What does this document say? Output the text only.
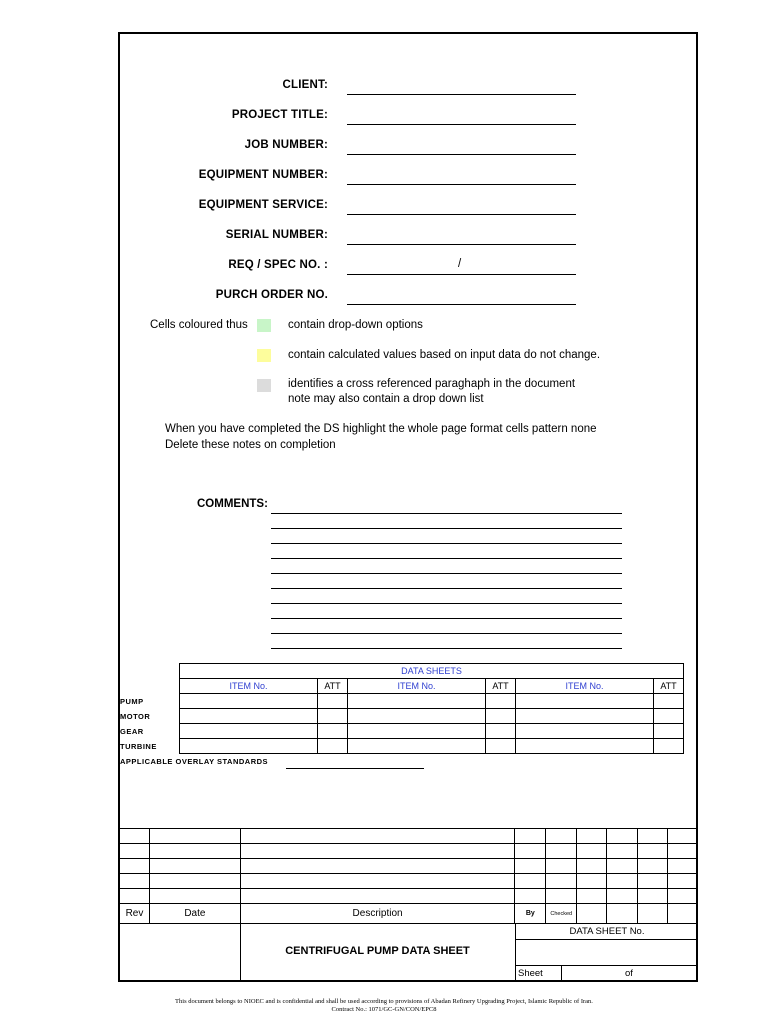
CLIENT:
PROJECT TITLE:
JOB NUMBER:
EQUIPMENT NUMBER:
EQUIPMENT SERVICE:
SERIAL NUMBER:
REQ / SPEC NO. :	/
PURCH ORDER NO.
Cells coloured thus	contain drop-down options
contain calculated values based on input data do not change.
identifies a cross referenced paraghaph in the document
note may also contain a drop down list
When you have completed the DS highlight the whole page format cells pattern none
Delete these notes on completion
COMMENTS:
DATA SHEETS					
ITEM No.	ATT	ITEM No.	ATT	ITEM No.	ATT

PUMP
MOTOR
GEAR
TURBINE
APPLICABLE OVERLAY STANDARDS

Rev	Date	Description	By	Checked				
CENTRIFUGAL PUMP DATA SHEET
DATA SHEET No.
Sheet	of
This document belongs to NIOEC and is confidential and shall be used according to provisions of Abadan Refinery Upgrading Project, Islamic Republic of Iran.
Contract No.: 1071/GC-GN/CON/EPC8
